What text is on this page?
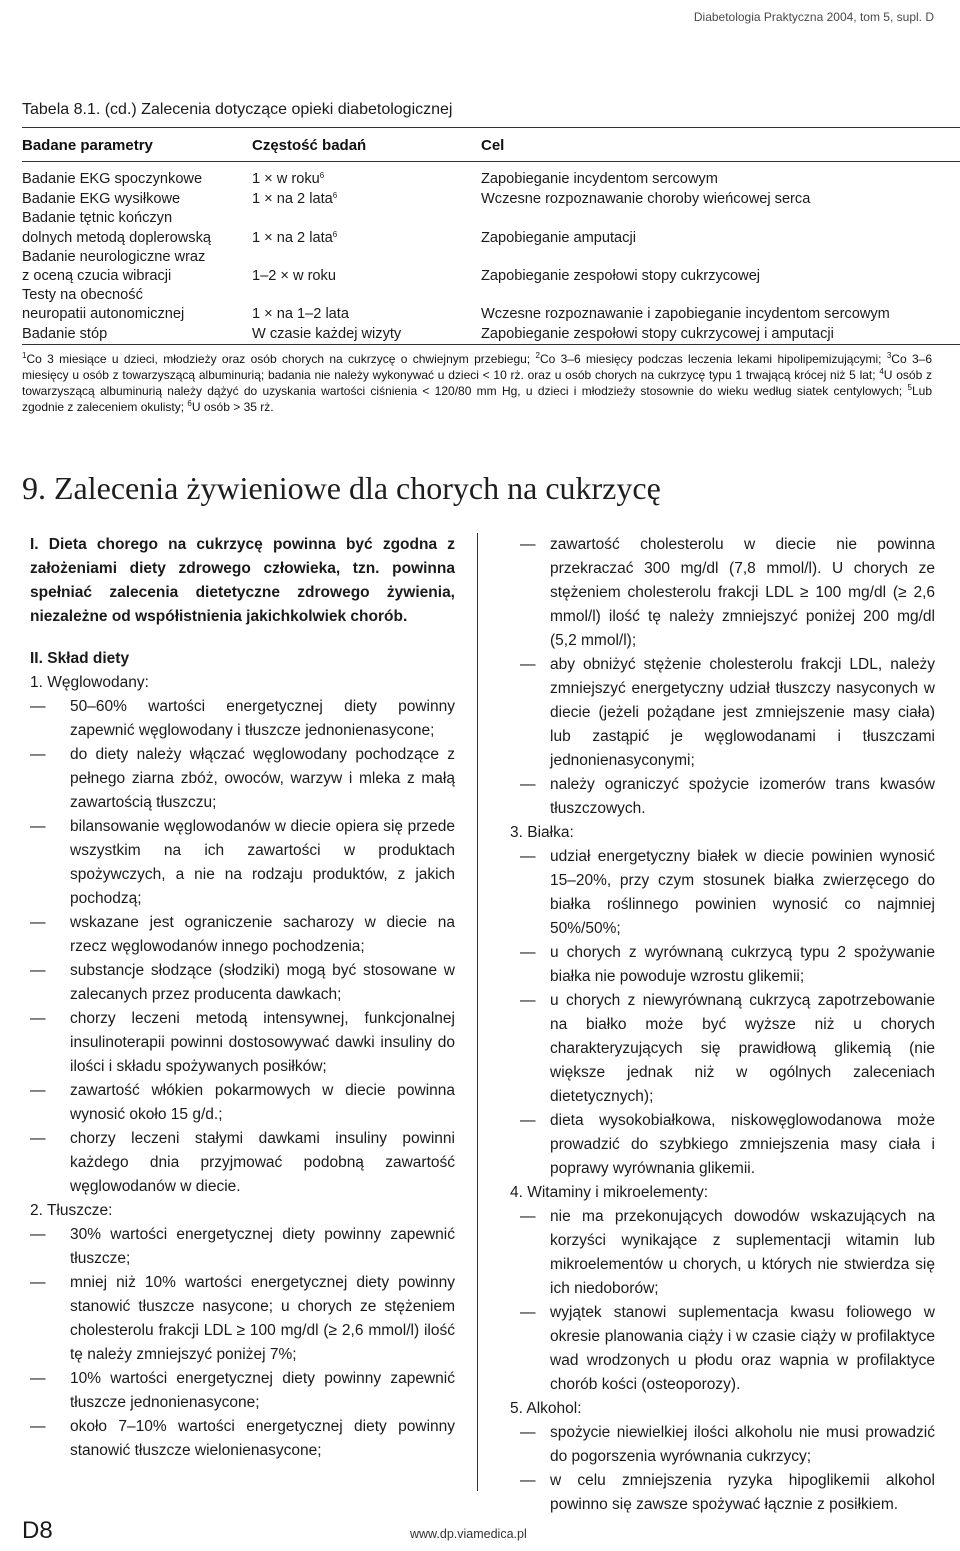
Diabetologia Praktyczna 2004, tom 5, supl. D
Tabela 8.1. (cd.) Zalecenia dotyczące opieki diabetologicznej
Badane parametry	Częstość badań	Cel
Badanie EKG spoczynkowe	1 × w roku$^6$	Zapobieganie incydentom sercowym
Badanie EKG wysiłkowe	1 × na 2 lata$^6$	Wczesne rozpoznawanie choroby wieńcowej serca
Badanie tętnic kończyn
dolnych metodą doplerowską	1 × na 2 lata$^6$	Zapobieganie amputacji
Badanie neurologiczne wraz
z oceną czucia wibracji	1–2 × w roku	Zapobieganie zespołowi stopy cukrzycowej
Testy na obecność
neuropatii autonomicznej	1 × na 1–2 lata	Wczesne rozpoznawanie i zapobieganie incydentom sercowym
Badanie stóp	W czasie każdej wizyty	Zapobieganie zespołowi stopy cukrzycowej i amputacji
$^1$Co 3 miesiące u dzieci, młodzieży oraz osób chorych na cukrzycę o chwiejnym przebiegu; $^2$Co 3–6 miesięcy podczas leczenia lekami hipolipemizującymi; $^3$Co 3–6 miesięcy u osób z towarzyszącą albuminurią; badania nie należy wykonywać u dzieci < 10 rż. oraz u osób chorych na cukrzycę typu 1 trwającą krócej niż 5 lat; $^4$U osób z towarzyszącą albuminurią należy dążyć do uzyskania wartości ciśnienia < 120/80 mm Hg, u dzieci i młodzieży stosownie do wieku według siatek centylowych; $^5$Lub zgodnie z zaleceniem okulisty; $^6$U osób > 35 rż.
9. Zalecenia żywieniowe dla chorych na cukrzycę
I. Dieta chorego na cukrzycę powinna być zgodna z założeniami diety zdrowego człowieka, tzn. powinna spełniać zalecenia dietetyczne zdrowego żywienia, niezależne od współistnienia jakichkolwiek chorób.
II. Skład diety
1. Węglowodany:
— 50–60% wartości energetycznej diety powinny zapewnić węglowodany i tłuszcze jednonienasycone;
— do diety należy włączać węglowodany pochodzące z pełnego ziarna zbóż, owoców, warzyw i mleka z małą zawartością tłuszczu;
— bilansowanie węglowodanów w diecie opiera się przede wszystkim na ich zawartości w produktach spożywczych, a nie na rodzaju produktów, z jakich pochodzą;
— wskazane jest ograniczenie sacharozy w diecie na rzecz węglowodanów innego pochodzenia;
— substancje słodzące (słodziki) mogą być stosowane w zalecanych przez producenta dawkach;
— chorzy leczeni metodą intensywnej, funkcjonalnej insulinoterapii powinni dostosowywać dawki insuliny do ilości i składu spożywanych posiłków;
— zawartość włókien pokarmowych w diecie powinna wynosić około 15 g/d.;
— chorzy leczeni stałymi dawkami insuliny powinni każdego dnia przyjmować podobną zawartość węglowodanów w diecie.
2. Tłuszcze:
— 30% wartości energetycznej diety powinny zapewnić tłuszcze;
— mniej niż 10% wartości energetycznej diety powinny stanowić tłuszcze nasycone; u chorych ze stężeniem cholesterolu frakcji LDL ≥ 100 mg/dl (≥ 2,6 mmol/l) ilość tę należy zmniejszyć poniżej 7%;
— 10% wartości energetycznej diety powinny zapewnić tłuszcze jednonienasycone;
— około 7–10% wartości energetycznej diety powinny stanowić tłuszcze wielonienasycone;
— zawartość cholesterolu w diecie nie powinna przekraczać 300 mg/dl (7,8 mmol/l). U chorych ze stężeniem cholesterolu frakcji LDL ≥ 100 mg/dl (≥ 2,6 mmol/l) ilość tę należy zmniejszyć poniżej 200 mg/dl (5,2 mmol/l);
— aby obniżyć stężenie cholesterolu frakcji LDL, należy zmniejszyć energetyczny udział tłuszczy nasyconych w diecie (jeżeli pożądane jest zmniejszenie masy ciała) lub zastąpić je węglowodanami i tłuszczami jednonienasyconymi;
— należy ograniczyć spożycie izomerów trans kwasów tłuszczowych.
3. Białka:
— udział energetyczny białek w diecie powinien wynosić 15–20%, przy czym stosunek białka zwierzęcego do białka roślinnego powinien wynosić co najmniej 50%/50%;
— u chorych z wyrównaną cukrzycą typu 2 spożywanie białka nie powoduje wzrostu glikemii;
— u chorych z niewyrównaną cukrzycą zapotrzebowanie na białko może być wyższe niż u chorych charakteryzujących się prawidłową glikemią (nie większe jednak niż w ogólnych zaleceniach dietetycznych);
— dieta wysokobiałkowa, niskowęglowodanowa może prowadzić do szybkiego zmniejszenia masy ciała i poprawy wyrównania glikemii.
4. Witaminy i mikroelementy:
— nie ma przekonujących dowodów wskazujących na korzyści wynikające z suplementacji witamin lub mikroelementów u chorych, u których nie stwierdza się ich niedoborów;
— wyjątek stanowi suplementacja kwasu foliowego w okresie planowania ciąży i w czasie ciąży w profilaktyce wad wrodzonych u płodu oraz wapnia w profilaktyce chorób kości (osteoporozy).
5. Alkohol:
— spożycie niewielkiej ilości alkoholu nie musi prowadzić do pogorszenia wyrównania cukrzycy;
— w celu zmniejszenia ryzyka hipoglikemii alkohol powinno się zawsze spożywać łącznie z posiłkiem.
D8	www.dp.viamedica.pl
